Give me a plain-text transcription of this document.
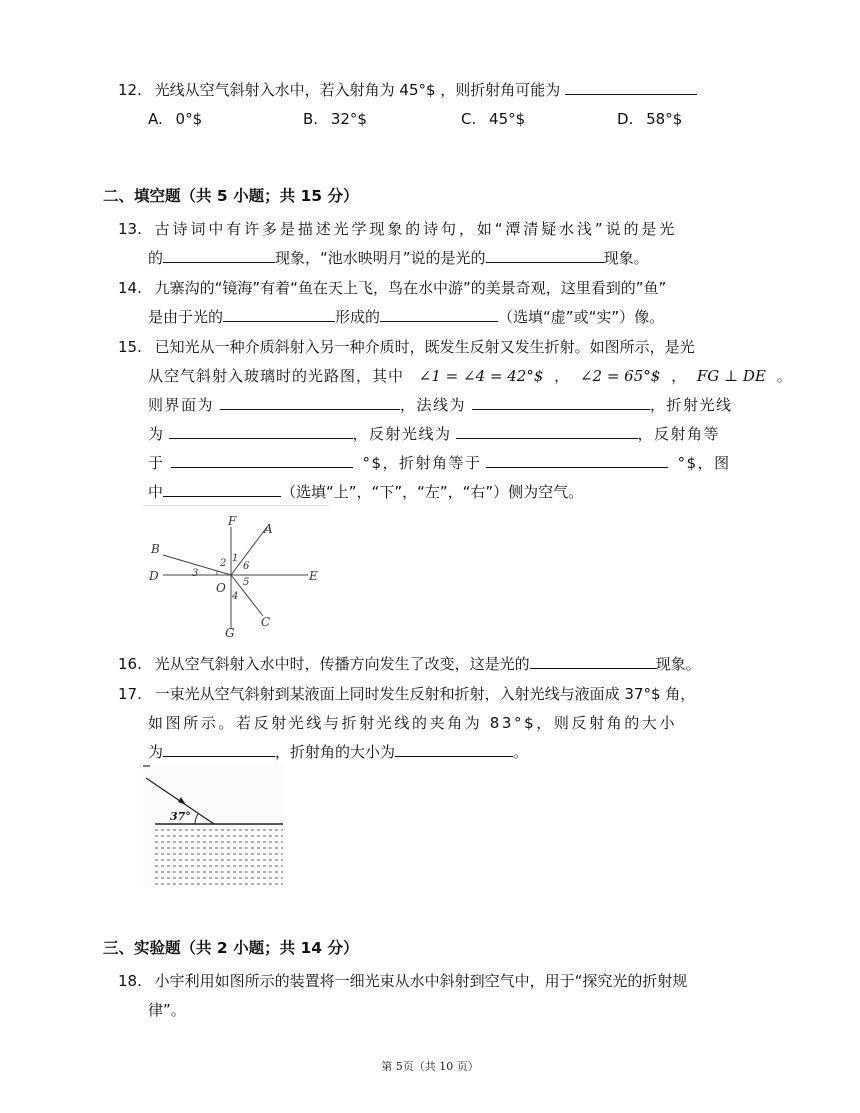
12. 光线从空气斜射入水中，若入射角为 45°$ ，则折射角可能为
A. 0°$	B. 32°$	C. 45°$	D. 58°$
二、填空题（共 5 小题；共 15 分）
13. 古诗词中有许多是描述光学现象的诗句，如“潭清疑水浅”说的是光
的	现象，“池水映明月”说的是光的	现象。
14. 九寨沟的“镜海”有着“鱼在天上飞，鸟在水中游”的美景奇观，这里看到的”鱼”
是由于光的	形成的	（选填“虚”或“实”）像。
15. 已知光从一种介质斜射入另一种介质时，既发生反射又发生折射。如图所示，是光
从空气斜射入玻璃时的光路图，其中 ∠1 = ∠4 = 42°$ ， ∠2 = 65°$ ， FG ⊥ DE 。
则界面为	，法线为	，折射光线
为	，反射光线为	，反射角等
于	°$，折射角等于	°$，图
中	（选填“上”，“下”，“左”，“右”）侧为空气。
F
A
B
D	E
O
G
C
1
2
3
4
5
6
16. 光从空气斜射入水中时，传播方向发生了改变，这是光的	现象。
17. 一束光从空气斜射到某液面上同时发生反射和折射，入射光线与液面成 37°$ 角，
如图所示。若反射光线与折射光线的夹角为 83°$，则反射角的大小
为	，折射角的大小为	。
37°
三、实验题（共 2 小题；共 14 分）
18. 小宇利用如图所示的装置将一细光束从水中斜射到空气中，用于“探究光的折射规
律”。
第 5页（共 10 页）
